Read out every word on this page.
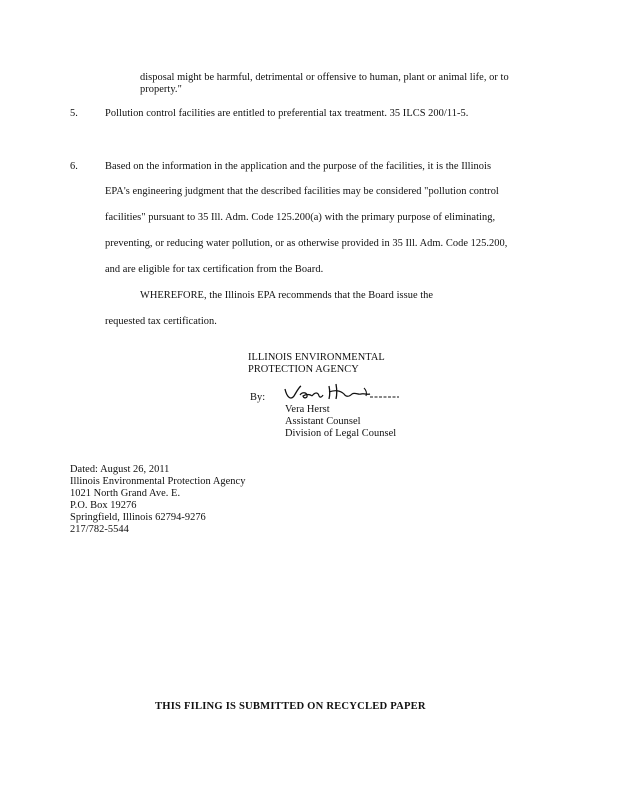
disposal might be harmful, detrimental or offensive to human, plant or animal life, or to
property."
5.	Pollution control facilities are entitled to preferential tax treatment. 35 ILCS 200/11-5.
6.	Based on the information in the application and the purpose of the facilities, it is the Illinois
EPA's engineering judgment that the described facilities may be considered "pollution control
facilities" pursuant to 35 Ill. Adm. Code 125.200(a) with the primary purpose of eliminating,
preventing, or reducing water pollution, or as otherwise provided in 35 Ill. Adm. Code 125.200,
and are eligible for tax certification from the Board.
WHEREFORE, the Illinois EPA recommends that the Board issue the
requested tax certification.
ILLINOIS ENVIRONMENTAL
PROTECTION AGENCY
By:
Vera Herst
Assistant Counsel
Division of Legal Counsel
Dated: August 26, 2011
Illinois Environmental Protection Agency
1021 North Grand Ave. E.
P.O. Box 19276
Springfield, Illinois 62794-9276
217/782-5544
THIS FILING IS SUBMITTED ON RECYCLED PAPER
